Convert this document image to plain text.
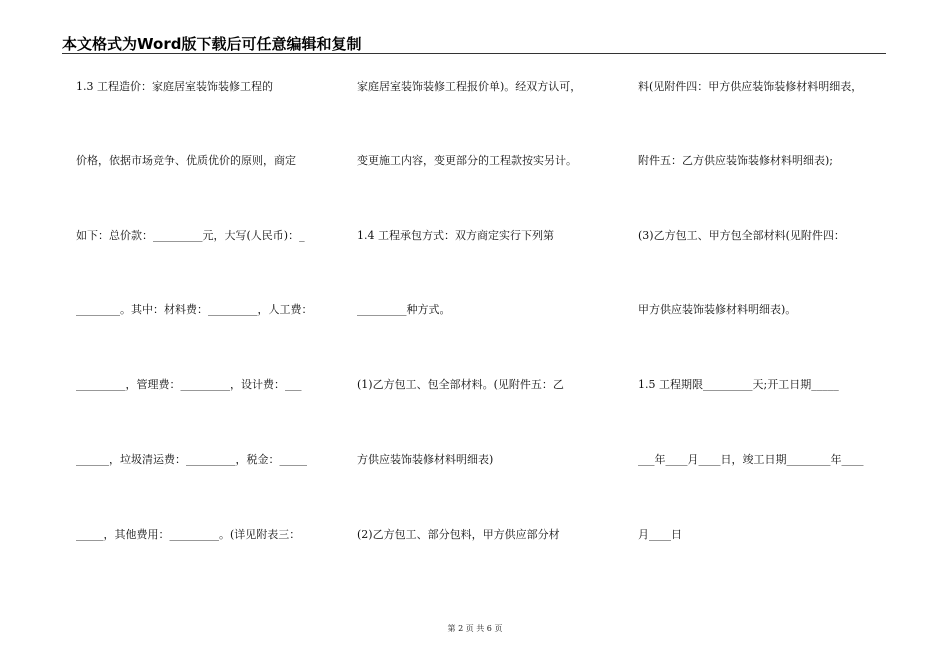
本文格式为Word版下载后可任意编辑和复制
1.3 工程造价：家庭居室装饰装修工程的
价格，依据市场竞争、优质优价的原则，商定
如下：总价款：_________元，大写(人民币)：_
________。其中：材料费：_________，人工费：
_________，管理费：_________，设计费：___
______，垃圾清运费：_________，税金：_____
_____，其他费用：_________。(详见附表三：
家庭居室装饰装修工程报价单)。经双方认可，
变更施工内容，变更部分的工程款按实另计。
1.4 工程承包方式：双方商定实行下列第
_________种方式。
(1)乙方包工、包全部材料。(见附件五：乙
方供应装饰装修材料明细表)
(2)乙方包工、部分包料，甲方供应部分材
料(见附件四：甲方供应装饰装修材料明细表，
附件五：乙方供应装饰装修材料明细表);
(3)乙方包工、甲方包全部材料(见附件四：
甲方供应装饰装修材料明细表)。
1.5 工程期限_________天;开工日期_____
___年____月____日，竣工日期________年____
月____日
第 2 页 共 6 页
